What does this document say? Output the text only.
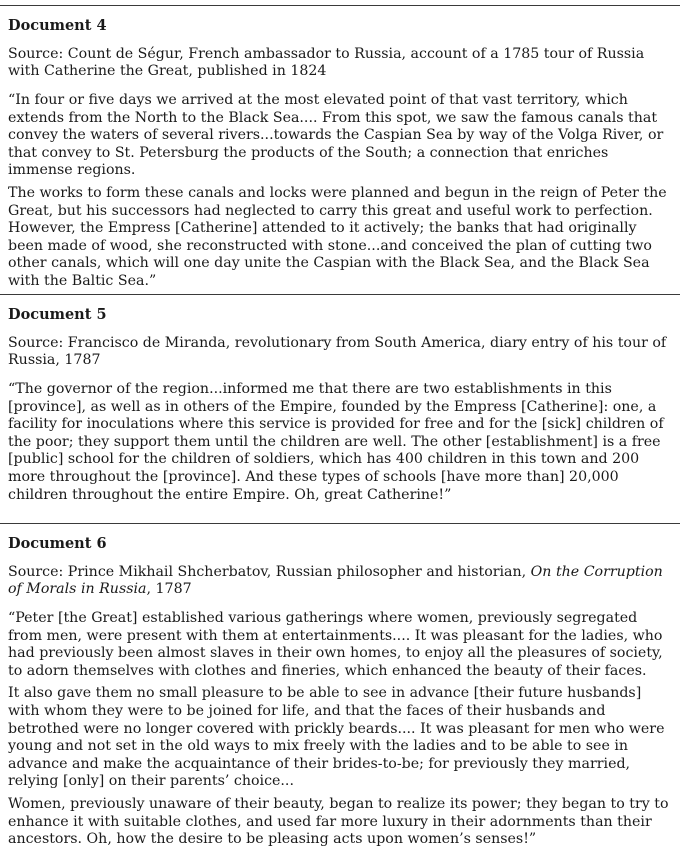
Document 4
Source: Count de Ségur, French ambassador to Russia, account of a 1785 tour of Russia with Catherine the Great, published in 1824
“In four or five days we arrived at the most elevated point of that vast territory, which extends from the North to the Black Sea.... From this spot, we saw the famous canals that convey the waters of several rivers...towards the Caspian Sea by way of the Volga River, or that convey to St. Petersburg the products of the South; a connection that enriches immense regions.
The works to form these canals and locks were planned and begun in the reign of Peter the Great, but his successors had neglected to carry this great and useful work to perfection. However, the Empress [Catherine] attended to it actively; the banks that had originally been made of wood, she reconstructed with stone...and conceived the plan of cutting two other canals, which will one day unite the Caspian with the Black Sea, and the Black Sea with the Baltic Sea.”
Document 5
Source: Francisco de Miranda, revolutionary from South America, diary entry of his tour of Russia, 1787
“The governor of the region...informed me that there are two establishments in this [province], as well as in others of the Empire, founded by the Empress [Catherine]: one, a facility for inoculations where this service is provided for free and for the [sick] children of the poor; they support them until the children are well. The other [establishment] is a free [public] school for the children of soldiers, which has 400 children in this town and 200 more throughout the [province]. And these types of schools [have more than] 20,000 children throughout the entire Empire. Oh, great Catherine!”
Document 6
Source: Prince Mikhail Shcherbatov, Russian philosopher and historian, On the Corruption of Morals in Russia, 1787
“Peter [the Great] established various gatherings where women, previously segregated from men, were present with them at entertainments.... It was pleasant for the ladies, who had previously been almost slaves in their own homes, to enjoy all the pleasures of society, to adorn themselves with clothes and fineries, which enhanced the beauty of their faces.
It also gave them no small pleasure to be able to see in advance [their future husbands] with whom they were to be joined for life, and that the faces of their husbands and betrothed were no longer covered with prickly beards.... It was pleasant for men who were young and not set in the old ways to mix freely with the ladies and to be able to see in advance and make the acquaintance of their brides-to-be; for previously they married, relying [only] on their parents’ choice...
Women, previously unaware of their beauty, began to realize its power; they began to try to enhance it with suitable clothes, and used far more luxury in their adornments than their ancestors. Oh, how the desire to be pleasing acts upon women’s senses!”
